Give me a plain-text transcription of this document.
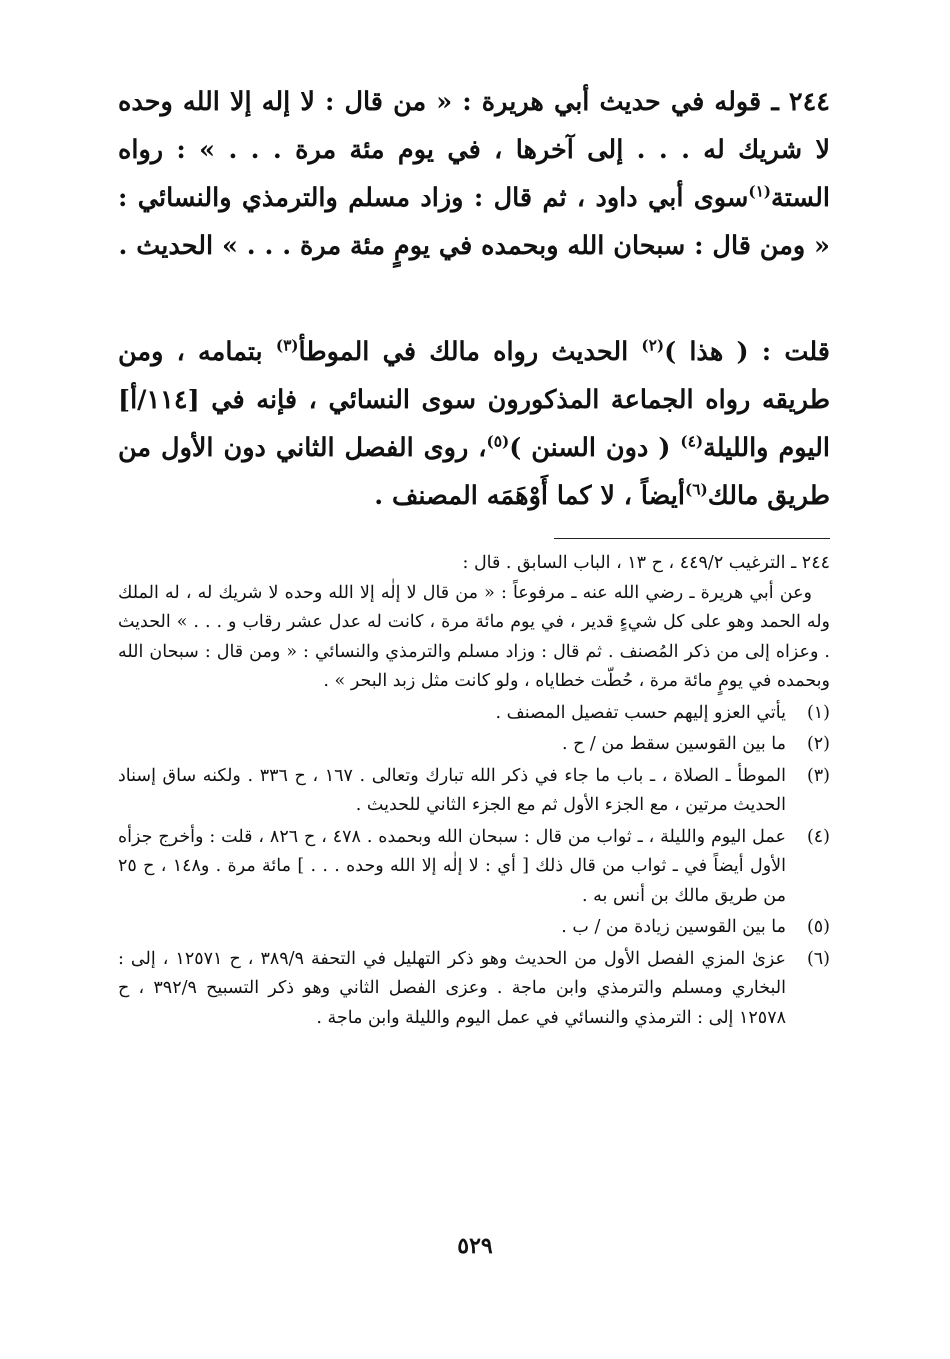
٢٤٤ ـ قوله في حديث أبي هريرة : « من قال : لا إله إلا الله وحده لا شريك له . . . إلى آخرها ، في يوم مئة مرة . . . » : رواه الستة$^{(١)}$سوى أبي داود ، ثم قال : وزاد مسلم والترمذي والنسائي : « ومن قال : سبحان الله وبحمده في يومٍ مئة مرة . . . » الحديث .

قلت : ( هذا )$^{(٢)}$ الحديث رواه مالك في الموطأ$^{(٣)}$ بتمامه ، ومن طريقه رواه الجماعة المذكورون سوى النسائي ، فإنه في [١١٤/أ] اليوم والليلة$^{(٤)}$ ( دون السنن )$^{(٥)}$، روى الفصل الثاني دون الأول من طريق مالك$^{(٦)}$أيضاً ، لا كما أَوْهَمَه المصنف .

٢٤٤ ـ الترغيب ٤٤٩/٢ ، ح ١٣ ، الباب السابق . قال :

وعن أبي هريرة ـ رضي الله عنه ـ مرفوعاً : « من قال لا إلٰه إلا الله وحده لا شريك له ، له الملك وله الحمد وهو على كل شيءٍ قدير ، في يوم مائة مرة ، كانت له عدل عشر رقاب و . . . » الحديث . وعزاه إلى من ذكر المُصنف . ثم قال : وزاد مسلم والترمذي والنسائي : « ومن قال : سبحان الله وبحمده في يومٍ مائة مرة ، حُطّت خطاياه ، ولو كانت مثل زبد البحر » .

(١)
يأتي العزو إليهم حسب تفصيل المصنف .
(٢)
ما بين القوسين سقط من / ح .
(٣)
الموطأ ـ الصلاة ، ـ باب ما جاء في ذكر الله تبارك وتعالى . ١٦٧ ، ح ٣٣٦ . ولكنه ساق إسناد الحديث مرتين ، مع الجزء الأول ثم مع الجزء الثاني للحديث .
(٤)
عمل اليوم والليلة ، ـ ثواب من قال : سبحان الله وبحمده . ٤٧٨ ، ح ٨٢٦ ، قلت : وأخرج جزأه الأول أيضاً في ـ ثواب من قال ذلك [ أي : لا إلٰه إلا الله وحده . . . ] مائة مرة . و١٤٨ ، ح ٢٥ من طريق مالك بن أنس به .
(٥)
ما بين القوسين زيادة من / ب .
(٦)
عزىٰ المزي الفصل الأول من الحديث وهو ذكر التهليل في التحفة ٣٨٩/٩ ، ح ١٢٥٧١ ، إلى : البخاري ومسلم والترمذي وابن ماجة . وعزى الفصل الثاني وهو ذكر التسبيح ٣٩٢/٩ ، ح ١٢٥٧٨ إلى : الترمذي والنسائي في عمل اليوم والليلة وابن ماجة .
٥٢٩
